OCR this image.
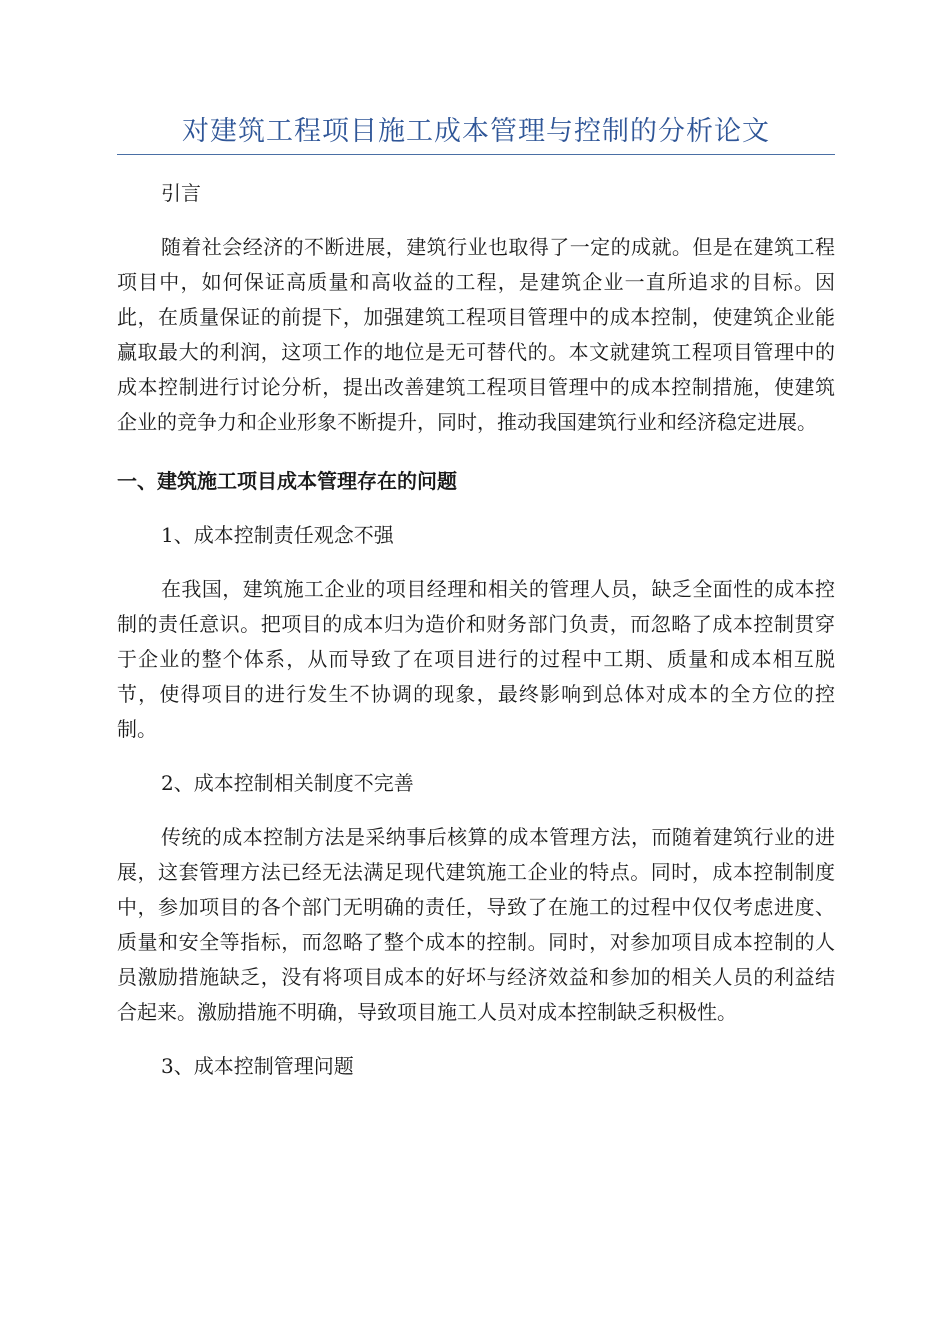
对建筑工程项目施工成本管理与控制的分析论文

引言

随着社会经济的不断进展，建筑行业也取得了一定的成就。但是在建筑工程项目中，如何保证高质量和高收益的工程，是建筑企业一直所追求的目标。因此，在质量保证的前提下，加强建筑工程项目管理中的成本控制，使建筑企业能赢取最大的利润，这项工作的地位是无可替代的。本文就建筑工程项目管理中的成本控制进行讨论分析，提出改善建筑工程项目管理中的成本控制措施，使建筑企业的竞争力和企业形象不断提升，同时，推动我国建筑行业和经济稳定进展。

一、建筑施工项目成本管理存在的问题

1、成本控制责任观念不强

在我国，建筑施工企业的项目经理和相关的管理人员，缺乏全面性的成本控制的责任意识。把项目的成本归为造价和财务部门负责，而忽略了成本控制贯穿于企业的整个体系，从而导致了在项目进行的过程中工期、质量和成本相互脱节，使得项目的进行发生不协调的现象，最终影响到总体对成本的全方位的控制。

2、成本控制相关制度不完善

传统的成本控制方法是采纳事后核算的成本管理方法，而随着建筑行业的进展，这套管理方法已经无法满足现代建筑施工企业的特点。同时，成本控制制度中，参加项目的各个部门无明确的责任，导致了在施工的过程中仅仅考虑进度、质量和安全等指标，而忽略了整个成本的控制。同时，对参加项目成本控制的人员激励措施缺乏，没有将项目成本的好坏与经济效益和参加的相关人员的利益结合起来。激励措施不明确，导致项目施工人员对成本控制缺乏积极性。

3、成本控制管理问题
